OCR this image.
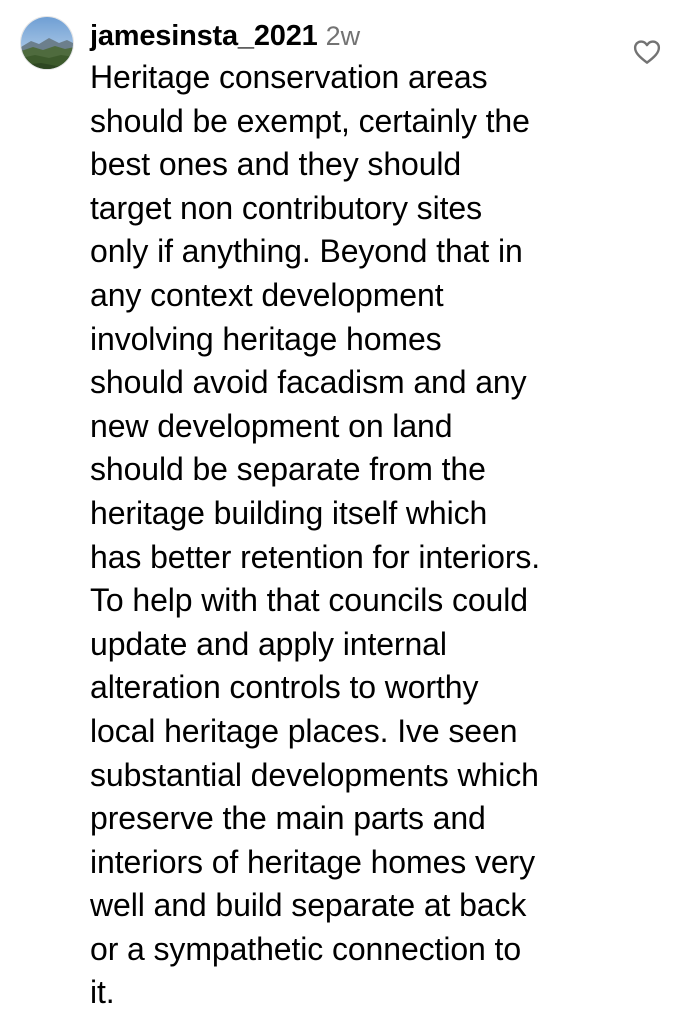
jamesinsta_2021 2w
Heritage conservation areas
should be exempt, certainly the
best ones and they should
target non contributory sites
only if anything. Beyond that in
any context development
involving heritage homes
should avoid facadism and any
new development on land
should be separate from the
heritage building itself which
has better retention for interiors.
To help with that councils could
update and apply internal
alteration controls to worthy
local heritage places. Ive seen
substantial developments which
preserve the main parts and
interiors of heritage homes very
well and build separate at back
or a sympathetic connection to
it.
